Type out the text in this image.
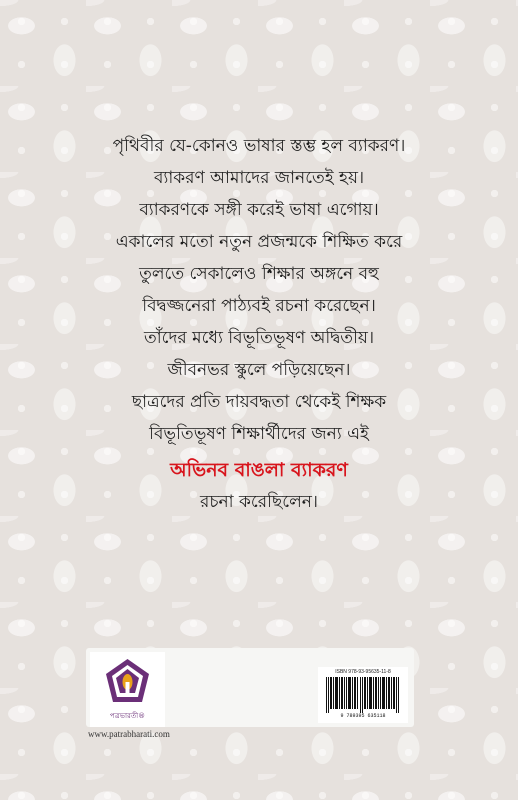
পৃথিবীর যে-কোনও ভাষার স্তম্ভ হল ব্যাকরণ।
ব্যাকরণ আমাদের জানতেই হয়।
ব্যাকরণকে সঙ্গী করেই ভাষা এগোয়।
একালের মতো নতুন প্রজন্মকে শিক্ষিত করে
তুলতে সেকালেও শিক্ষার অঙ্গনে বহু
বিদ্বজ্জনেরা পাঠ্যবই রচনা করেছেন।
তাঁদের মধ্যে বিভূতিভূষণ অদ্বিতীয়।
জীবনভর স্কুলে পড়িয়েছেন।
ছাত্রদের প্রতি দায়বদ্ধতা থেকেই শিক্ষক
বিভূতিভূষণ শিক্ষার্থীদের জন্য এই
অভিনব বাঙলা ব্যাকরণ
রচনা করেছিলেন।
পত্রভারতী®
ISBN 978-93-95635-11-8
9 789395 635118
www.patrabharati.com
